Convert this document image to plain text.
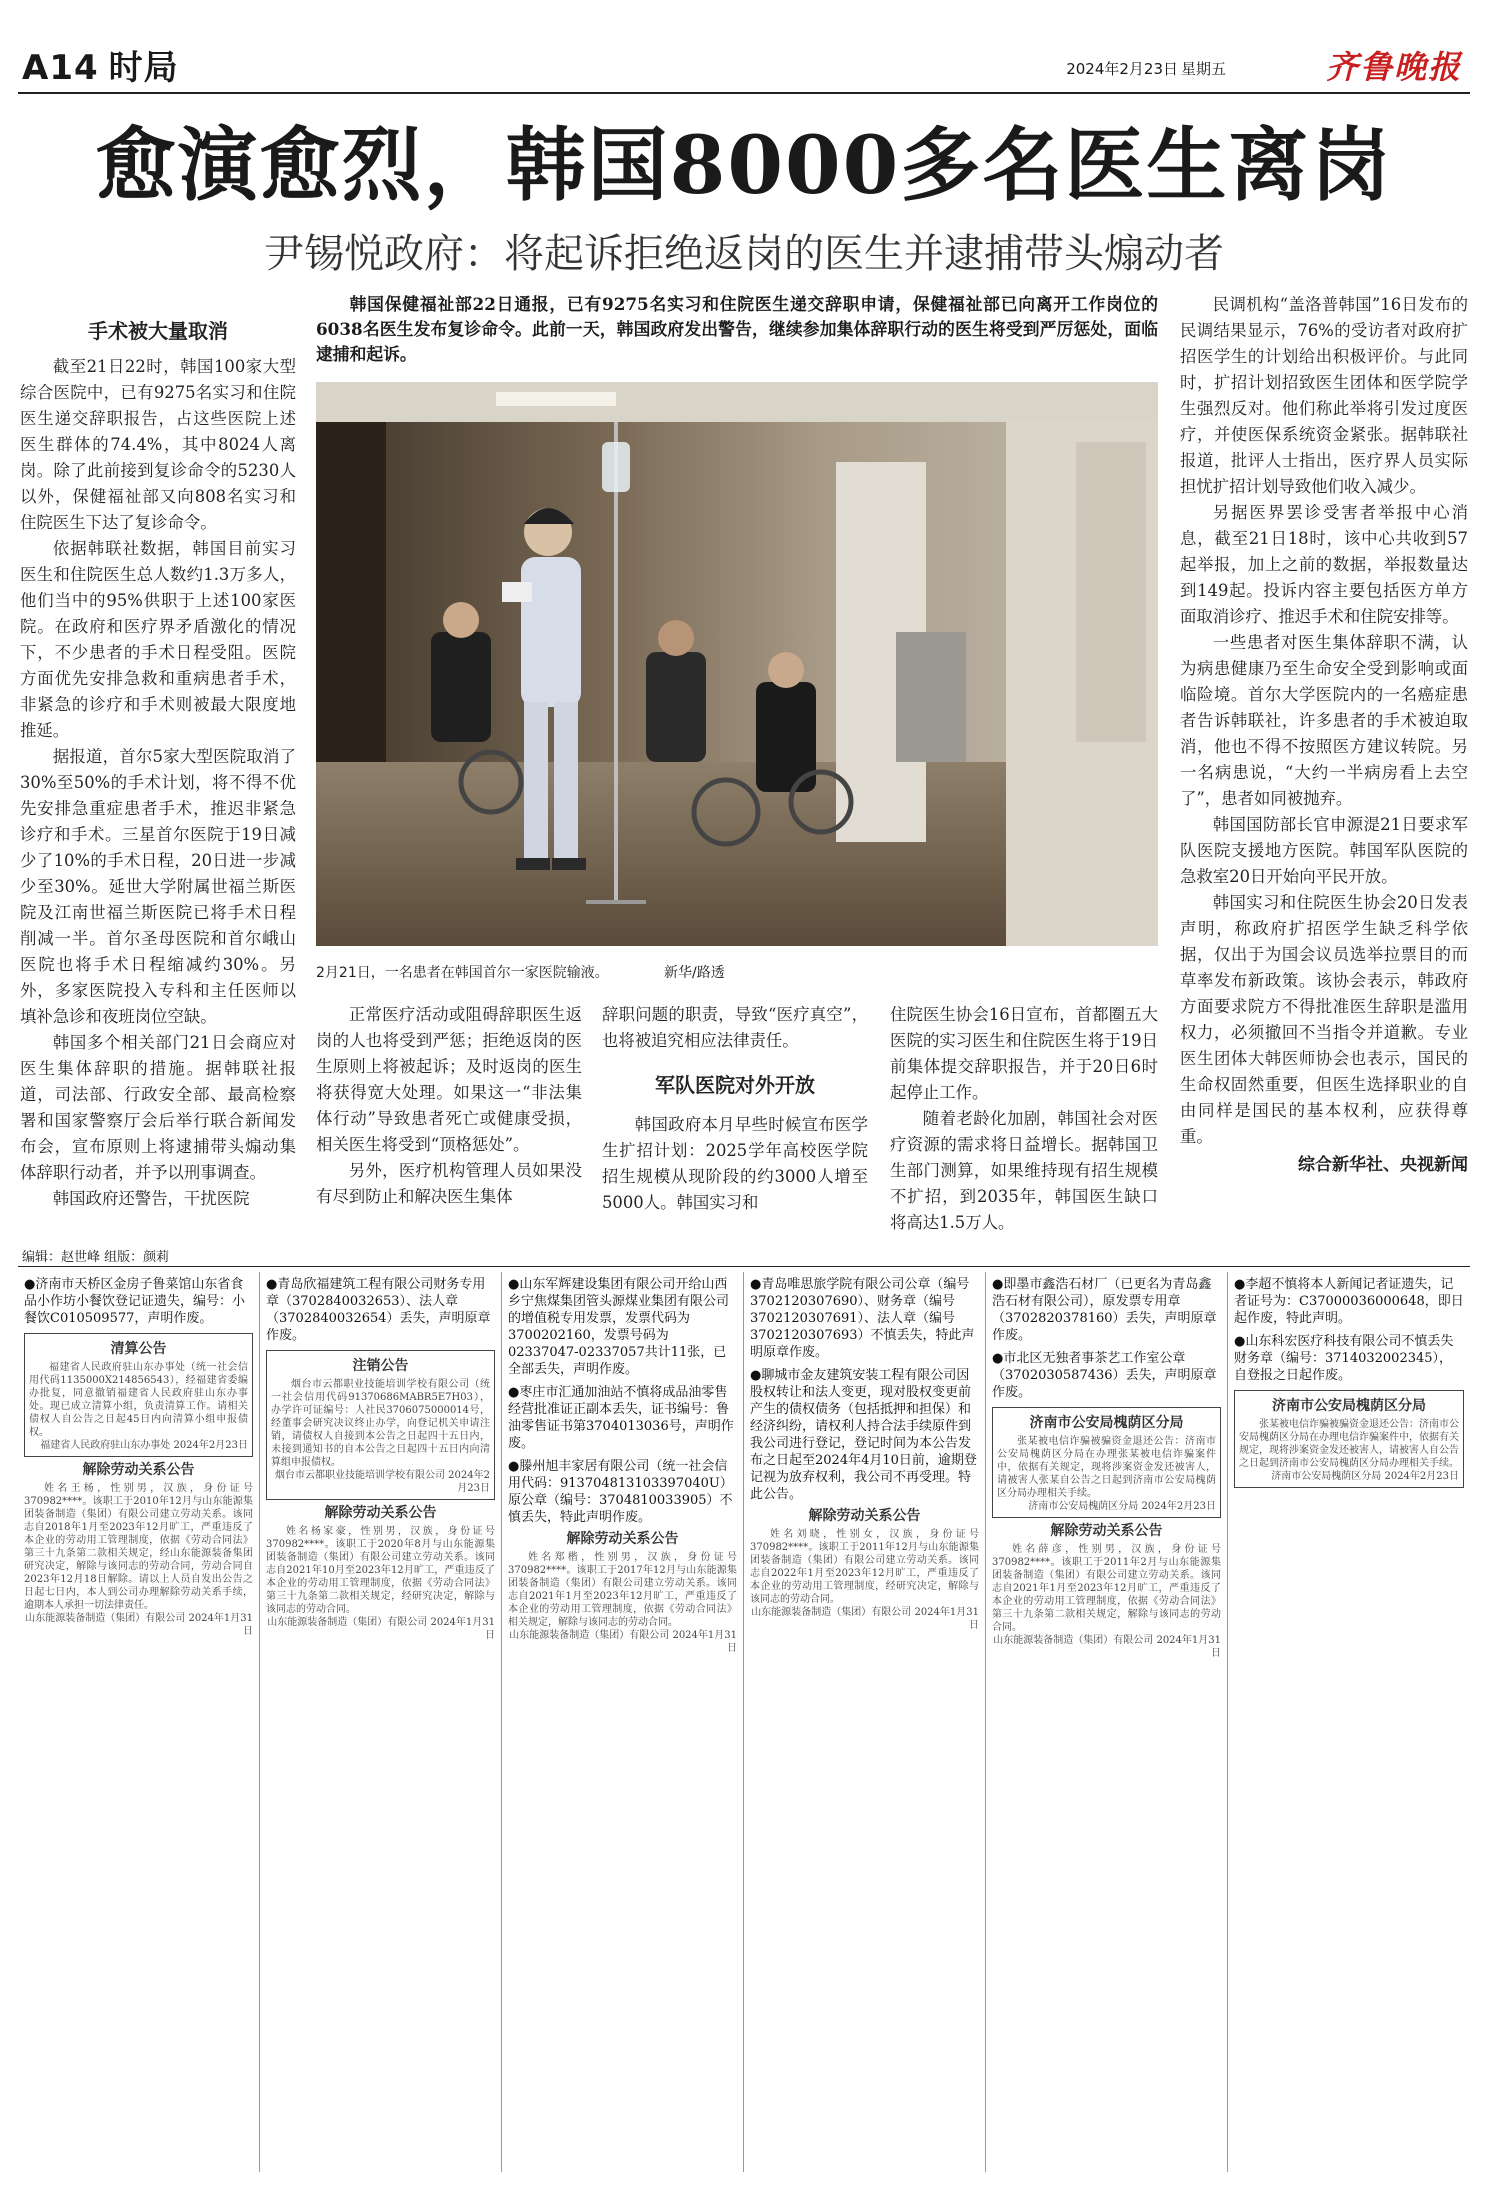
A14 时局	2024年2月23日 星期五	齐鲁晚报
愈演愈烈，韩国8000多名医生离岗
尹锡悦政府：将起诉拒绝返岗的医生并逮捕带头煽动者

韩国保健福祉部22日通报，已有9275名实习和住院医生递交辞职申请，保健福祉部已向离开工作岗位的6038名医生发布复诊命令。此前一天，韩国政府发出警告，继续参加集体辞职行动的医生将受到严厉惩处，面临逮捕和起诉。

手术被大量取消

截至21日22时，韩国100家大型综合医院中，已有9275名实习和住院医生递交辞职报告，占这些医院上述医生群体的74.4%，其中8024人离岗。除了此前接到复诊命令的5230人以外，保健福祉部又向808名实习和住院医生下达了复诊命令。

依据韩联社数据，韩国目前实习医生和住院医生总人数约1.3万多人，他们当中的95%供职于上述100家医院。在政府和医疗界矛盾激化的情况下，不少患者的手术日程受阻。医院方面优先安排急救和重病患者手术，非紧急的诊疗和手术则被最大限度地推延。

据报道，首尔5家大型医院取消了30%至50%的手术计划，将不得不优先安排急重症患者手术，推迟非紧急诊疗和手术。三星首尔医院于19日减少了10%的手术日程，20日进一步减少至30%。延世大学附属世福兰斯医院及江南世福兰斯医院已将手术日程削减一半。首尔圣母医院和首尔峨山医院也将手术日程缩减约30%。另外，多家医院投入专科和主任医师以填补急诊和夜班岗位空缺。

韩国多个相关部门21日会商应对医生集体辞职的措施。据韩联社报道，司法部、行政安全部、最高检察署和国家警察厅会后举行联合新闻发布会，宣布原则上将逮捕带头煽动集体辞职行动者，并予以刑事调查。

韩国政府还警告，干扰医院

2月21日，一名患者在韩国首尔一家医院输液。	新华/路透

正常医疗活动或阻碍辞职医生返岗的人也将受到严惩；拒绝返岗的医生原则上将被起诉；及时返岗的医生将获得宽大处理。如果这一“非法集体行动”导致患者死亡或健康受损，相关医生将受到“顶格惩处”。

另外，医疗机构管理人员如果没有尽到防止和解决医生集体

辞职问题的职责，导致“医疗真空”，也将被追究相应法律责任。

军队医院对外开放

韩国政府本月早些时候宣布医学生扩招计划：2025学年高校医学院招生规模从现阶段的约3000人增至5000人。韩国实习和

住院医生协会16日宣布，首都圈五大医院的实习医生和住院医生将于19日前集体提交辞职报告，并于20日6时起停止工作。

随着老龄化加剧，韩国社会对医疗资源的需求将日益增长。据韩国卫生部门测算，如果维持现有招生规模不扩招，到2035年，韩国医生缺口将高达1.5万人。

民调机构“盖洛普韩国”16日发布的民调结果显示，76%的受访者对政府扩招医学生的计划给出积极评价。与此同时，扩招计划招致医生团体和医学院学生强烈反对。他们称此举将引发过度医疗，并使医保系统资金紧张。据韩联社报道，批评人士指出，医疗界人员实际担忧扩招计划导致他们收入减少。

另据医界罢诊受害者举报中心消息，截至21日18时，该中心共收到57起举报，加上之前的数据，举报数量达到149起。投诉内容主要包括医方单方面取消诊疗、推迟手术和住院安排等。

一些患者对医生集体辞职不满，认为病患健康乃至生命安全受到影响或面临险境。首尔大学医院内的一名癌症患者告诉韩联社，许多患者的手术被迫取消，他也不得不按照医方建议转院。另一名病患说，“大约一半病房看上去空了”，患者如同被抛弃。

韩国国防部长官申源湜21日要求军队医院支援地方医院。韩国军队医院的急救室20日开始向平民开放。

韩国实习和住院医生协会20日发表声明，称政府扩招医学生缺乏科学依据，仅出于为国会议员选举拉票目的而草率发布新政策。该协会表示，韩政府方面要求院方不得批准医生辞职是滥用权力，必须撤回不当指令并道歉。专业医生团体大韩医师协会也表示，国民的生命权固然重要，但医生选择职业的自由同样是国民的基本权利，应获得尊重。

综合新华社、央视新闻
编辑：赵世峰 组版：颜莉
●济南市天桥区金房子鲁菜馆山东省食品小作坊小餐饮登记证遗失，编号：小餐饮C010509577，声明作废。
清算公告
福建省人民政府驻山东办事处（统一社会信用代码1135000X214856543），经福建省委编办批复，同意撤销福建省人民政府驻山东办事处。现已成立清算小组，负责清算工作。请相关债权人自公告之日起45日内向清算小组申报债权。
福建省人民政府驻山东办事处 2024年2月23日
解除劳动关系公告
姓名王杨，性别男，汉族，身份证号370982****。该职工于2010年12月与山东能源集团装备制造（集团）有限公司建立劳动关系。该同志自2018年1月至2023年12月旷工，严重违反了本企业的劳动用工管理制度，依据《劳动合同法》第三十九条第二款相关规定，经山东能源装备集团研究决定，解除与该同志的劳动合同，劳动合同自2023年12月18日解除。请以上人员自发出公告之日起七日内，本人到公司办理解除劳动关系手续，逾期本人承担一切法律责任。
山东能源装备制造（集团）有限公司 2024年1月31日
●青岛欣福建筑工程有限公司财务专用章（3702840032653）、法人章（3702840032654）丢失，声明原章作废。
注销公告
烟台市云都职业技能培训学校有限公司（统一社会信用代码91370686MABR5E7H03），办学许可证编号：人社民3706075000014号，经董事会研究决议终止办学，向登记机关申请注销，请债权人自接到本公告之日起四十五日内，未接到通知书的自本公告之日起四十五日内向清算组申报债权。
烟台市云都职业技能培训学校有限公司 2024年2月23日
解除劳动关系公告
姓名杨家豪，性别男，汉族，身份证号370982****。该职工于2020年8月与山东能源集团装备制造（集团）有限公司建立劳动关系。该同志自2021年10月至2023年12月旷工，严重违反了本企业的劳动用工管理制度，依据《劳动合同法》第三十九条第二款相关规定，经研究决定，解除与该同志的劳动合同。
山东能源装备制造（集团）有限公司 2024年1月31日
●山东军辉建设集团有限公司开给山西乡宁焦煤集团管头源煤业集团有限公司的增值税专用发票，发票代码为3700202160，发票号码为02337047-02337057共计11张，已全部丢失，声明作废。
●枣庄市汇通加油站不慎将成品油零售经营批准证正副本丢失，证书编号：鲁油零售证书第3704013036号，声明作废。
●滕州旭丰家居有限公司（统一社会信用代码：913704813103397040U）原公章（编号：3704810033905）不慎丢失，特此声明作废。
解除劳动关系公告
姓名郑楷，性别男，汉族，身份证号370982****。该职工于2017年12月与山东能源集团装备制造（集团）有限公司建立劳动关系。该同志自2021年1月至2023年12月旷工，严重违反了本企业的劳动用工管理制度，依据《劳动合同法》相关规定，解除与该同志的劳动合同。
山东能源装备制造（集团）有限公司 2024年1月31日
●青岛唯思旅学院有限公司公章（编号3702120307690）、财务章（编号3702120307691）、法人章（编号3702120307693）不慎丢失，特此声明原章作废。
●聊城市金友建筑安装工程有限公司因股权转让和法人变更，现对股权变更前产生的债权债务（包括抵押和担保）和经济纠纷，请权利人持合法手续原件到我公司进行登记，登记时间为本公告发布之日起至2024年4月10日前，逾期登记视为放弃权利，我公司不再受理。特此公告。
解除劳动关系公告
姓名刘晓，性别女，汉族，身份证号370982****。该职工于2011年12月与山东能源集团装备制造（集团）有限公司建立劳动关系。该同志自2022年1月至2023年12月旷工，严重违反了本企业的劳动用工管理制度，经研究决定，解除与该同志的劳动合同。
山东能源装备制造（集团）有限公司 2024年1月31日
●即墨市鑫浩石材厂（已更名为青岛鑫浩石材有限公司），原发票专用章（3702820378160）丢失，声明原章作废。
●市北区无独者事茶艺工作室公章（3702030587436）丢失，声明原章作废。
济南市公安局槐荫区分局
张某被电信诈骗被骗资金退还公告：济南市公安局槐荫区分局在办理张某被电信诈骗案件中，依据有关规定，现将涉案资金发还被害人，请被害人张某自公告之日起到济南市公安局槐荫区分局办理相关手续。
济南市公安局槐荫区分局 2024年2月23日
解除劳动关系公告
姓名薛彦，性别男，汉族，身份证号370982****。该职工于2011年2月与山东能源集团装备制造（集团）有限公司建立劳动关系。该同志自2021年1月至2023年12月旷工，严重违反了本企业的劳动用工管理制度，依据《劳动合同法》第三十九条第二款相关规定，解除与该同志的劳动合同。
山东能源装备制造（集团）有限公司 2024年1月31日
●李超不慎将本人新闻记者证遗失，记者证号为：C37000036000648，即日起作废，特此声明。
●山东科宏医疗科技有限公司不慎丢失财务章（编号：3714032002345），自登报之日起作废。
济南市公安局槐荫区分局
张某被电信诈骗被骗资金退还公告：济南市公安局槐荫区分局在办理电信诈骗案件中，依据有关规定，现将涉案资金发还被害人，请被害人自公告之日起到济南市公安局槐荫区分局办理相关手续。
济南市公安局槐荫区分局 2024年2月23日
